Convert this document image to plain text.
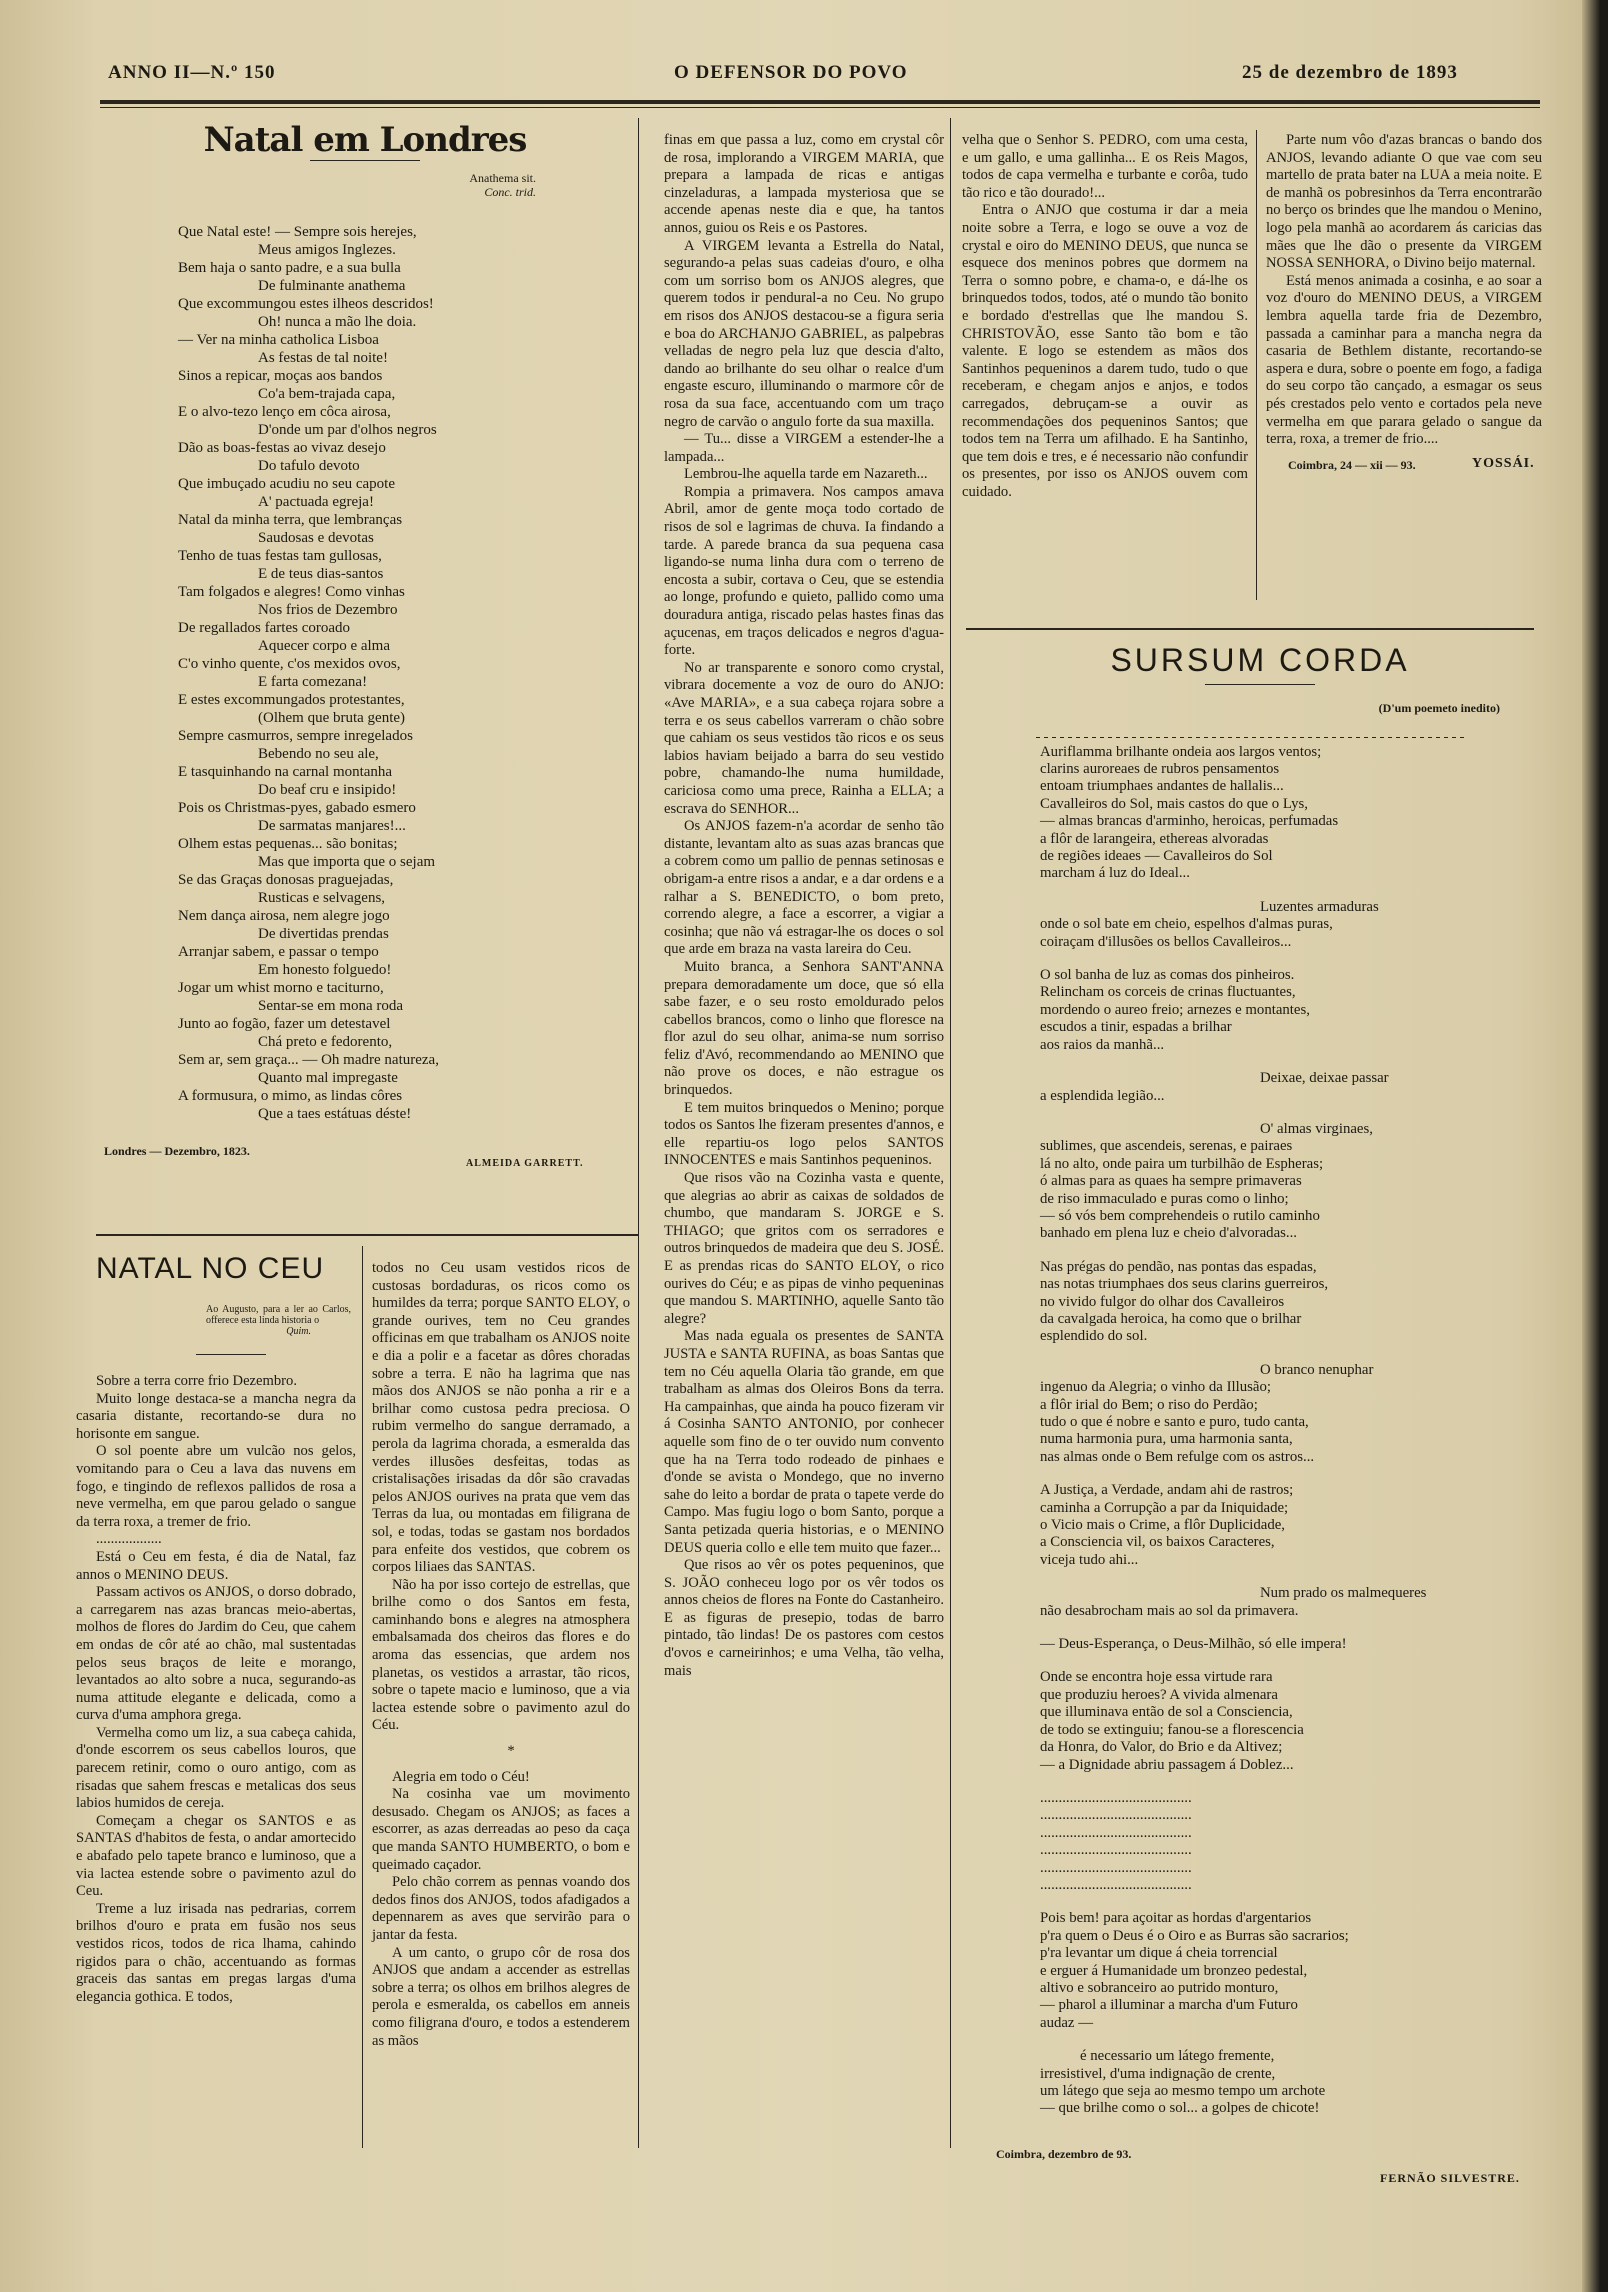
ANNO II—N.º 150	O DEFENSOR DO POVO	25 de dezembro de 1893
Natal em Londres
Anathema sit.
Conc. trid.
Que Natal este! — Sempre sois herejes,
Meus amigos Inglezes.
Bem haja o santo padre, e a sua bulla
De fulminante anathema
Que excommungou estes ilheos descridos!
Oh! nunca a mão lhe doia.
— Ver na minha catholica Lisboa
As festas de tal noite!
Sinos a repicar, moças aos bandos
Co'a bem-trajada capa,
E o alvo-tezo lenço em côca airosa,
D'onde um par d'olhos negros
Dão as boas-festas ao vivaz desejo
Do tafulo devoto
Que imbuçado acudiu no seu capote
A' pactuada egreja!
Natal da minha terra, que lembranças
Saudosas e devotas
Tenho de tuas festas tam gullosas,
E de teus dias-santos
Tam folgados e alegres! Como vinhas
Nos frios de Dezembro
De regallados fartes coroado
Aquecer corpo e alma
C'o vinho quente, c'os mexidos ovos,
E farta comezana!
E estes excommungados protestantes,
(Olhem que bruta gente)
Sempre casmurros, sempre inregelados
Bebendo no seu ale,
E tasquinhando na carnal montanha
Do beaf cru e insipido!
Pois os Christmas-pyes, gabado esmero
De sarmatas manjares!...
Olhem estas pequenas... são bonitas;
Mas que importa que o sejam
Se das Graças donosas praguejadas,
Rusticas e selvagens,
Nem dança airosa, nem alegre jogo
De divertidas prendas
Arranjar sabem, e passar o tempo
Em honesto folguedo!
Jogar um whist morno e taciturno,
Sentar-se em mona roda
Junto ao fogão, fazer um detestavel
Chá preto e fedorento,
Sem ar, sem graça... — Oh madre natureza,
Quanto mal impregaste
A formusura, o mimo, as lindas côres
Que a taes estátuas déste!
Londres — Dezembro, 1823.
ALMEIDA GARRETT.
NATAL NO CEU
Ao Augusto, para a ler ao Carlos, offerece esta linda historia o
Quim.

Sobre a terra corre frio Dezembro.

Muito longe destaca-se a mancha negra da casaria distante, recortando-se dura no horisonte em sangue.

O sol poente abre um vulcão nos gelos, vomitando para o Ceu a lava das nuvens em fogo, e tingindo de reflexos pallidos de rosa a neve vermelha, em que parou gelado o sangue da terra roxa, a tremer de frio.

..................

Está o Ceu em festa, é dia de Natal, faz annos o MENINO DEUS.

Passam activos os ANJOS, o dorso dobrado, a carregarem nas azas brancas meio-abertas, molhos de flores do Jardim do Ceu, que cahem em ondas de côr até ao chão, mal sustentadas pelos seus braços de leite e morango, levantados ao alto sobre a nuca, segurando-as numa attitude elegante e delicada, como a curva d'uma amphora grega.

Vermelha como um liz, a sua cabeça cahida, d'onde escorrem os seus cabellos louros, que parecem retinir, como o ouro antigo, com as risadas que sahem frescas e metalicas dos seus labios humidos de cereja.

Começam a chegar os SANTOS e as SANTAS d'habitos de festa, o andar amortecido e abafado pelo tapete branco e luminoso, que a via lactea estende sobre o pavimento azul do Ceu.

Treme a luz irisada nas pedrarias, correm brilhos d'ouro e prata em fusão nos seus vestidos ricos, todos de rica lhama, cahindo rigidos para o chão, accentuando as formas graceis das santas em pregas largas d'uma elegancia gothica. E todos,

todos no Ceu usam vestidos ricos de custosas bordaduras, os ricos como os humildes da terra; porque SANTO ELOY, o grande ourives, tem no Ceu grandes officinas em que trabalham os ANJOS noite e dia a polir e a facetar as dôres choradas sobre a terra. E não ha lagrima que nas mãos dos ANJOS se não ponha a rir e a brilhar como custosa pedra preciosa. O rubim vermelho do sangue derramado, a perola da lagrima chorada, a esmeralda das verdes illusões desfeitas, todas as cristalisações irisadas da dôr são cravadas pelos ANJOS ourives na prata que vem das Terras da lua, ou montadas em filigrana de sol, e todas, todas se gastam nos bordados para enfeite dos vestidos, que cobrem os corpos liliaes das SANTAS.

Não ha por isso cortejo de estrellas, que brilhe como o dos Santos em festa, caminhando bons e alegres na atmosphera embalsamada dos cheiros das flores e do aroma das essencias, que ardem nos planetas, os vestidos a arrastar, tão ricos, sobre o tapete macio e luminoso, que a via lactea estende sobre o pavimento azul do Céu.

*

Alegria em todo o Céu!

Na cosinha vae um movimento desusado. Chegam os ANJOS; as faces a escorrer, as azas derreadas ao peso da caça que manda SANTO HUMBERTO, o bom e queimado caçador.

Pelo chão correm as pennas voando dos dedos finos dos ANJOS, todos afadigados a depennarem as aves que servirão para o jantar da festa.

A um canto, o grupo côr de rosa dos ANJOS que andam a accender as estrellas sobre a terra; os olhos em brilhos alegres de perola e esmeralda, os cabellos em anneis como filigrana d'ouro, e todos a estenderem as mãos

finas em que passa a luz, como em crystal côr de rosa, implorando a VIRGEM MARIA, que prepara a lampada de ricas e antigas cinzeladuras, a lampada mysteriosa que se accende apenas neste dia e que, ha tantos annos, guiou os Reis e os Pastores.

A VIRGEM levanta a Estrella do Natal, segurando-a pelas suas cadeias d'ouro, e olha com um sorriso bom os ANJOS alegres, que querem todos ir pendural-a no Ceu. No grupo em risos dos ANJOS destacou-se a figura seria e boa do ARCHANJO GABRIEL, as palpebras velladas de negro pela luz que descia d'alto, dando ao brilhante do seu olhar o realce d'um engaste escuro, illuminando o marmore côr de rosa da sua face, accentuando com um traço negro de carvão o angulo forte da sua maxilla.

— Tu... disse a VIRGEM a estender-lhe a lampada...

Lembrou-lhe aquella tarde em Nazareth...

Rompia a primavera. Nos campos amava Abril, amor de gente moça todo cortado de risos de sol e lagrimas de chuva. Ia findando a tarde. A parede branca da sua pequena casa ligando-se numa linha dura com o terreno de encosta a subir, cortava o Ceu, que se estendia ao longe, profundo e quieto, pallido como uma douradura antiga, riscado pelas hastes finas das açucenas, em traços delicados e negros d'agua-forte.

No ar transparente e sonoro como crystal, vibrara docemente a voz de ouro do ANJO: «Ave MARIA», e a sua cabeça rojara sobre a terra e os seus cabellos varreram o chão sobre que cahiam os seus vestidos tão ricos e os seus labios haviam beijado a barra do seu vestido pobre, chamando-lhe numa humildade, cariciosa como uma prece, Rainha a ELLA; a escrava do SENHOR...

Os ANJOS fazem-n'a acordar de senho tão distante, levantam alto as suas azas brancas que a cobrem como um pallio de pennas setinosas e obrigam-a entre risos a andar, e a dar ordens e a ralhar a S. BENEDICTO, o bom preto, correndo alegre, a face a escorrer, a vigiar a cosinha; que não vá estragar-lhe os doces o sol que arde em braza na vasta lareira do Ceu.

Muito branca, a Senhora SANT'ANNA prepara demoradamente um doce, que só ella sabe fazer, e o seu rosto emoldurado pelos cabellos brancos, como o linho que floresce na flor azul do seu olhar, anima-se num sorriso feliz d'Avó, recommendando ao MENINO que não prove os doces, e não estrague os brinquedos.

E tem muitos brinquedos o Menino; porque todos os Santos lhe fizeram presentes d'annos, e elle repartiu-os logo pelos SANTOS INNOCENTES e mais Santinhos pequeninos.

Que risos vão na Cozinha vasta e quente, que alegrias ao abrir as caixas de soldados de chumbo, que mandaram S. JORGE e S. THIAGO; que gritos com os serradores e outros brinquedos de madeira que deu S. JOSÉ. E as prendas ricas do SANTO ELOY, o rico ourives do Céu; e as pipas de vinho pequeninas que mandou S. MARTINHO, aquelle Santo tão alegre?

Mas nada eguala os presentes de SANTA JUSTA e SANTA RUFINA, as boas Santas que tem no Céu aquella Olaria tão grande, em que trabalham as almas dos Oleiros Bons da terra. Ha campainhas, que ainda ha pouco fizeram vir á Cosinha SANTO ANTONIO, por conhecer aquelle som fino de o ter ouvido num convento que ha na Terra todo rodeado de pinhaes e d'onde se avista o Mondego, que no inverno sahe do leito a bordar de prata o tapete verde do Campo. Mas fugiu logo o bom Santo, porque a Santa petizada queria historias, e o MENINO DEUS queria collo e elle tem muito que fazer...

Que risos ao vêr os potes pequeninos, que S. JOÃO conheceu logo por os vêr todos os annos cheios de flores na Fonte do Castanheiro. E as figuras de presepio, todas de barro pintado, tão lindas! De os pastores com cestos d'ovos e carneirinhos; e uma Velha, tão velha, mais

velha que o Senhor S. PEDRO, com uma cesta, e um gallo, e uma gallinha... E os Reis Magos, todos de capa vermelha e turbante e corôa, tudo tão rico e tão dourado!...

Entra o ANJO que costuma ir dar a meia noite sobre a Terra, e logo se ouve a voz de crystal e oiro do MENINO DEUS, que nunca se esquece dos meninos pobres que dormem na Terra o somno pobre, e chama-o, e dá-lhe os brinquedos todos, todos, até o mundo tão bonito e bordado d'estrellas que lhe mandou S. CHRISTOVÃO, esse Santo tão bom e tão valente. E logo se estendem as mãos dos Santinhos pequeninos a darem tudo, tudo o que receberam, e chegam anjos e anjos, e todos carregados, debruçam-se a ouvir as recommendações dos pequeninos Santos; que todos tem na Terra um afilhado. E ha Santinho, que tem dois e tres, e é necessario não confundir os presentes, por isso os ANJOS ouvem com cuidado.

Parte num vôo d'azas brancas o bando dos ANJOS, levando adiante O que vae com seu martello de prata bater na LUA a meia noite. E de manhã os pobresinhos da Terra encontrarão no berço os brindes que lhe mandou o Menino, logo pela manhã ao acordarem ás caricias das mães que lhe dão o presente da VIRGEM NOSSA SENHORA, o Divino beijo maternal.

Está menos animada a cosinha, e ao soar a voz d'ouro do MENINO DEUS, a VIRGEM lembra aquella tarde fria de Dezembro, passada a caminhar para a mancha negra da casaria de Bethlem distante, recortando-se aspera e dura, sobre o poente em fogo, a fadiga do seu corpo tão cançado, a esmagar os seus pés crestados pelo vento e cortados pela neve vermelha em que parara gelado o sangue da terra, roxa, a tremer de frio....

Coimbra, 24 — xii — 93.	YOSSÁI.
SURSUM CORDA
(D'um poemeto inedito)
Auriflamma brilhante ondeia aos largos ventos;
clarins auroreaes de rubros pensamentos
entoam triumphaes andantes de hallalis...
Cavalleiros do Sol, mais castos do que o Lys,
— almas brancas d'arminho, heroicas, perfumadas
a flôr de larangeira, ethereas alvoradas
de regiões ideaes — Cavalleiros do Sol
marcham á luz do Ideal...
Luzentes armaduras
onde o sol bate em cheio, espelhos d'almas puras,
coiraçam d'illusões os bellos Cavalleiros...
O sol banha de luz as comas dos pinheiros.
Relincham os corceis de crinas fluctuantes,
mordendo o aureo freio; arnezes e montantes,
escudos a tinir, espadas a brilhar
aos raios da manhã...
Deixae, deixae passar
a esplendida legião...
O' almas virginaes,
sublimes, que ascendeis, serenas, e pairaes
lá no alto, onde paira um turbilhão de Espheras;
ó almas para as quaes ha sempre primaveras
de riso immaculado e puras como o linho;
— só vós bem comprehendeis o rutilo caminho
banhado em plena luz e cheio d'alvoradas...
Nas prégas do pendão, nas pontas das espadas,
nas notas triumphaes dos seus clarins guerreiros,
no vivido fulgor do olhar dos Cavalleiros
da cavalgada heroica, ha como que o brilhar
esplendido do sol.
O branco nenuphar
ingenuo da Alegria; o vinho da Illusão;
a flôr irial do Bem; o riso do Perdão;
tudo o que é nobre e santo e puro, tudo canta,
numa harmonia pura, uma harmonia santa,
nas almas onde o Bem refulge com os astros...
A Justiça, a Verdade, andam ahi de rastros;
caminha a Corrupção a par da Iniquidade;
o Vicio mais o Crime, a flôr Duplicidade,
a Consciencia vil, os baixos Caracteres,
viceja tudo ahi...
Num prado os malmequeres
não desabrocham mais ao sol da primavera.
— Deus-Esperança, o Deus-Milhão, só elle impera!
Onde se encontra hoje essa virtude rara
que produziu heroes? A vivida almenara
que illuminava então de sol a Consciencia,
de todo se extinguiu; fanou-se a florescencia
da Honra, do Valor, do Brio e da Altivez;
— a Dignidade abriu passagem á Doblez...
.........................................
.........................................
.........................................
.........................................
.........................................
.........................................
Pois bem! para açoitar as hordas d'argentarios
p'ra quem o Deus é o Oiro e as Burras são sacrarios;
p'ra levantar um dique á cheia torrencial
e erguer á Humanidade um bronzeo pedestal,
altivo e sobranceiro ao putrido monturo,
— pharol a illuminar a marcha d'um Futuro
audaz —
é necessario um látego fremente,
irresistivel, d'uma indignação de crente,
um látego que seja ao mesmo tempo um archote
— que brilhe como o sol... a golpes de chicote!
Coimbra, dezembro de 93.
FERNÃO SILVESTRE.
